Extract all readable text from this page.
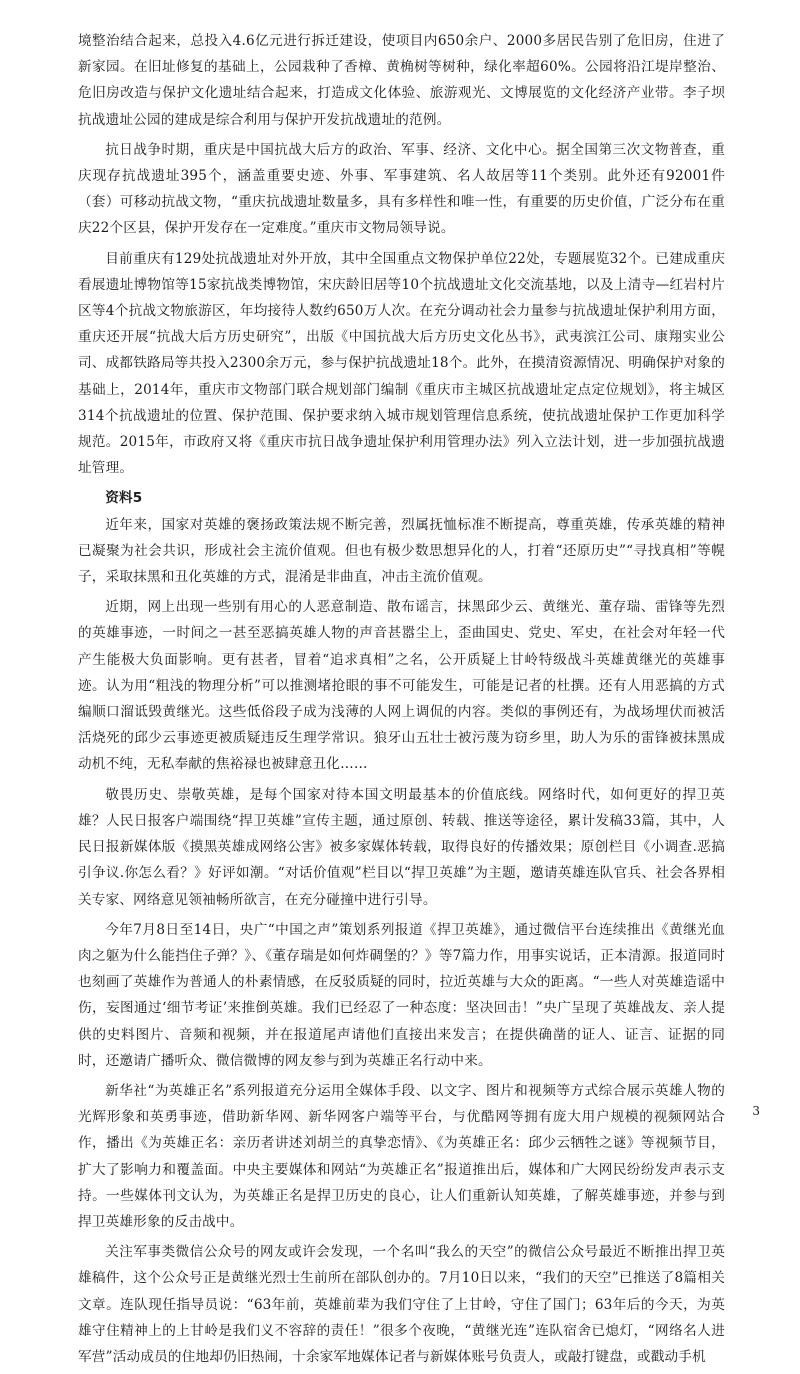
境整治结合起来，总投入4.6亿元进行拆迁建设，使项目内650余户、2000多居民告别了危旧房，住进了新家园。在旧址修复的基础上，公园栽种了香樟、黄桷树等树种，绿化率超60%。公园将沿江堤岸整治、危旧房改造与保护文化遗址结合起来，打造成文化体验、旅游观光、文博展览的文化经济产业带。李子坝抗战遗址公园的建成是综合利用与保护开发抗战遗址的范例。

抗日战争时期，重庆是中国抗战大后方的政治、军事、经济、文化中心。据全国第三次文物普查，重庆现存抗战遗址395个，涵盖重要史迹、外事、军事建筑、名人故居等11个类别。此外还有92001件（套）可移动抗战文物，“重庆抗战遗址数量多，具有多样性和唯一性，有重要的历史价值，广泛分布在重庆22个区县，保护开发存在一定难度。”重庆市文物局领导说。

目前重庆有129处抗战遗址对外开放，其中全国重点文物保护单位22处，专题展览32个。已建成重庆看展遗址博物馆等15家抗战类博物馆，宋庆龄旧居等10个抗战遗址文化交流基地，以及上清寺—红岩村片区等4个抗战文物旅游区，年均接待人数约650万人次。在充分调动社会力量参与抗战遗址保护利用方面，重庆还开展“抗战大后方历史研究”，出版《中国抗战大后方历史文化丛书》，武夷滨江公司、康翔实业公司、成都铁路局等共投入2300余万元，参与保护抗战遗址18个。此外，在摸清资源情况、明确保护对象的基础上，2014年，重庆市文物部门联合规划部门编制《重庆市主城区抗战遗址定点定位规划》，将主城区314个抗战遗址的位置、保护范围、保护要求纳入城市规划管理信息系统，使抗战遗址保护工作更加科学规范。2015年，市政府又将《重庆市抗日战争遗址保护利用管理办法》列入立法计划，进一步加强抗战遗址管理。

资料5

近年来，国家对英雄的褒扬政策法规不断完善，烈属抚恤标准不断提高，尊重英雄，传承英雄的精神已凝聚为社会共识，形成社会主流价值观。但也有极少数思想异化的人，打着“还原历史”“寻找真相”等幌子，采取抹黑和丑化英雄的方式，混淆是非曲直，冲击主流价值观。

近期，网上出现一些别有用心的人恶意制造、散布谣言，抹黑邱少云、黄继光、董存瑞、雷锋等先烈的英雄事迹，一时间之一甚至恶搞英雄人物的声音甚嚣尘上，歪曲国史、党史、军史，在社会对年轻一代产生能极大负面影响。更有甚者，冒着“追求真相”之名，公开质疑上甘岭特级战斗英雄黄继光的英雄事迹。认为用“粗浅的物理分析”可以推测堵抢眼的事不可能发生，可能是记者的杜撰。还有人用恶搞的方式编顺口溜诋毁黄继光。这些低俗段子成为浅薄的人网上调侃的内容。类似的事例还有，为战场埋伏而被活活烧死的邱少云事迹更被质疑违反生理学常识。狼牙山五壮士被污蔑为窃乡里，助人为乐的雷锋被抹黑成动机不纯，无私奉献的焦裕禄也被肆意丑化……

敬畏历史、崇敬英雄，是每个国家对待本国文明最基本的价值底线。网络时代，如何更好的捍卫英雄？人民日报客户端围绕“捍卫英雄”宣传主题，通过原创、转载、推送等途径，累计发稿33篇，其中，人民日报新媒体版《摸黑英雄成网络公害》被多家媒体转载，取得良好的传播效果；原创栏目《小调查.恶搞引争议.你怎么看？》好评如潮。“对话价值观”栏目以“捍卫英雄”为主题，邀请英雄连队官兵、社会各界相关专家、网络意见领袖畅所欲言，在充分碰撞中进行引导。

今年7月8日至14日，央广“中国之声”策划系列报道《捍卫英雄》，通过微信平台连续推出《黄继光血肉之躯为什么能挡住子弹？》、《董存瑞是如何炸碉堡的？》等7篇力作，用事实说话，正本清源。报道同时也刻画了英雄作为普通人的朴素情感，在反驳质疑的同时，拉近英雄与大众的距离。“一些人对英雄造谣中伤，妄图通过‘细节考证’来推倒英雄。我们已经忍了一种态度：坚决回击！”央广呈现了英雄战友、亲人提供的史料图片、音频和视频，并在报道尾声请他们直接出来发言；在提供确凿的证人、证言、证据的同时，还邀请广播听众、微信微博的网友参与到为英雄正名行动中来。

新华社“为英雄正名”系列报道充分运用全媒体手段、以文字、图片和视频等方式综合展示英雄人物的光辉形象和英勇事迹，借助新华网、新华网客户端等平台，与优酷网等拥有庞大用户规模的视频网站合作，播出《为英雄正名：亲历者讲述刘胡兰的真挚恋情》、《为英雄正名：邱少云牺牲之谜》等视频节目，扩大了影响力和覆盖面。中央主要媒体和网站“为英雄正名”报道推出后，媒体和广大网民纷纷发声表示支持。一些媒体刊文认为，为英雄正名是捍卫历史的良心，让人们重新认知英雄，了解英雄事迹，并参与到捍卫英雄形象的反击战中。

关注军事类微信公众号的网友或许会发现，一个名叫“我么的天空”的微信公众号最近不断推出捍卫英雄稿件，这个公众号正是黄继光烈士生前所在部队创办的。7月10日以来，“我们的天空”已推送了8篇相关文章。连队现任指导员说：“63年前，英雄前辈为我们守住了上甘岭，守住了国门；63年后的今天，为英雄守住精神上的上甘岭是我们义不容辞的责任！”很多个夜晚，“黄继光连”连队宿舍已熄灯，“网络名人进军营”活动成员的住地却仍旧热闹，十余家军地媒体记者与新媒体账号负责人，或敲打键盘，或戳动手机

3
